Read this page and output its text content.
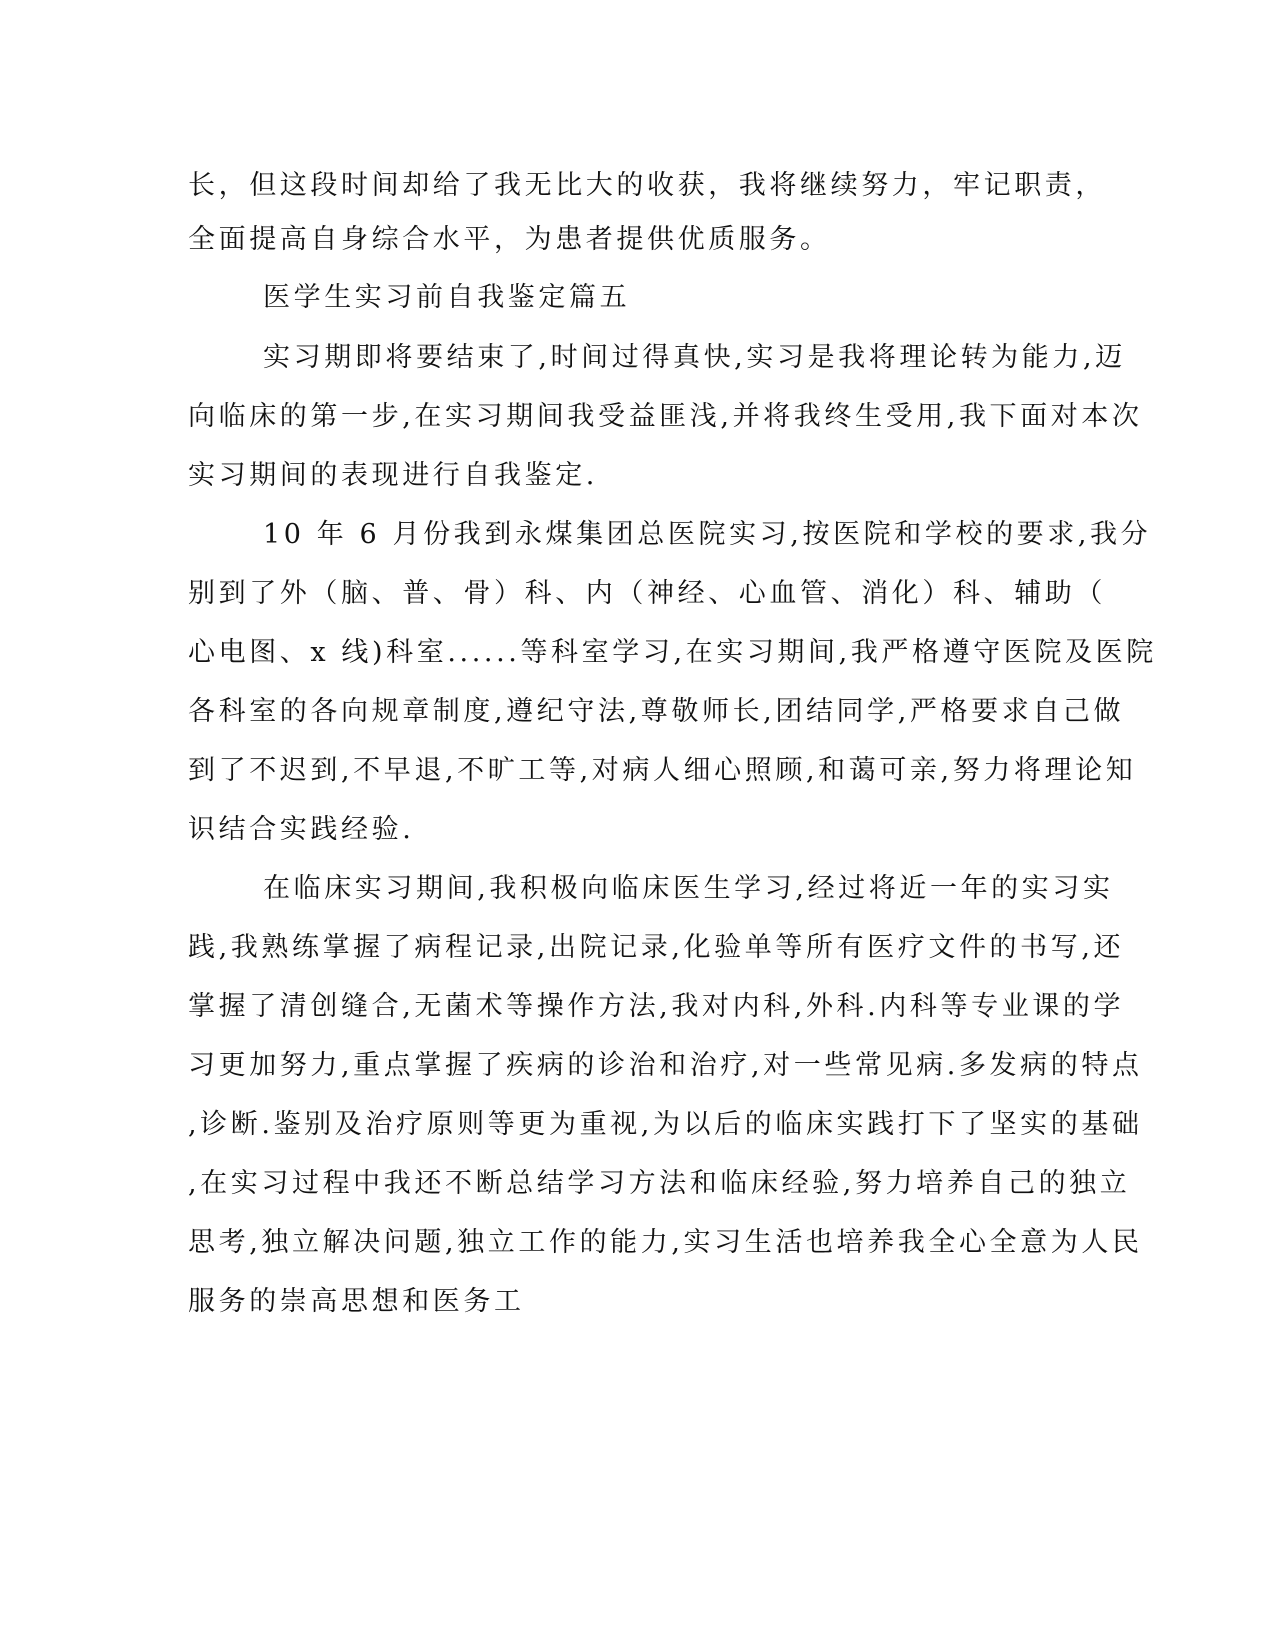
长，但这段时间却给了我无比大的收获，我将继续努力，牢记职责，
全面提高自身综合水平，为患者提供优质服务。
医学生实习前自我鉴定篇五
实习期即将要结束了,时间过得真快,实习是我将理论转为能力,迈
向临床的第一步,在实习期间我受益匪浅,并将我终生受用,我下面对本次
实习期间的表现进行自我鉴定.
10 年 6 月份我到永煤集团总医院实习,按医院和学校的要求,我分
别到了外（脑、普、骨）科、内（神经、心血管、消化）科、辅助（
心电图、x 线)科室......等科室学习,在实习期间,我严格遵守医院及医院
各科室的各向规章制度,遵纪守法,尊敬师长,团结同学,严格要求自己做
到了不迟到,不早退,不旷工等,对病人细心照顾,和蔼可亲,努力将理论知
识结合实践经验.
在临床实习期间,我积极向临床医生学习,经过将近一年的实习实
践,我熟练掌握了病程记录,出院记录,化验单等所有医疗文件的书写,还
掌握了清创缝合,无菌术等操作方法,我对内科,外科.内科等专业课的学
习更加努力,重点掌握了疾病的诊治和治疗,对一些常见病.多发病的特点
,诊断.鉴别及治疗原则等更为重视,为以后的临床实践打下了坚实的基础
,在实习过程中我还不断总结学习方法和临床经验,努力培养自己的独立
思考,独立解决问题,独立工作的能力,实习生活也培养我全心全意为人民
服务的崇高思想和医务工
